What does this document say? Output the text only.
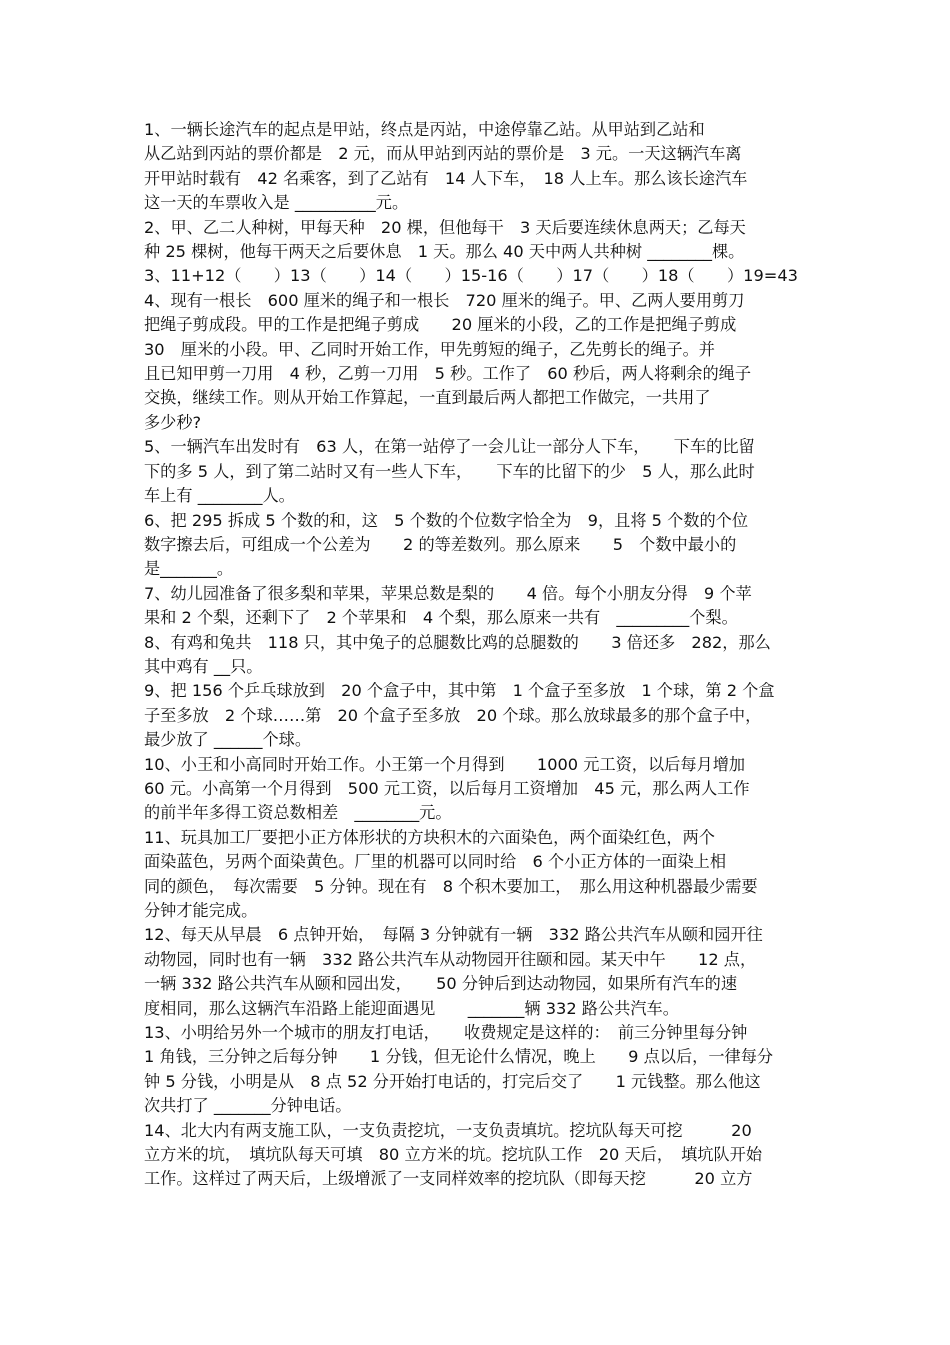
1、一辆长途汽车的起点是甲站，终点是丙站，中途停靠乙站。从甲站到乙站和
从乙站到丙站的票价都是　2 元，而从甲站到丙站的票价是　3 元。一天这辆汽车离
开甲站时载有　42 名乘客，到了乙站有　14 人下车，　18 人上车。那么该长途汽车
这一天的车票收入是 __________元。
2、甲、乙二人种树，甲每天种　20 棵，但他每干　3 天后要连续休息两天；乙每天
种 25 棵树，他每干两天之后要休息　1 天。那么 40 天中两人共种树 ________棵。
3、11+12（　　）13（　　）14（　　）15-16（　　）17（　　）18（　　）19=43
4、现有一根长　600 厘米的绳子和一根长　720 厘米的绳子。甲、乙两人要用剪刀
把绳子剪成段。甲的工作是把绳子剪成　　20 厘米的小段，乙的工作是把绳子剪成
30　厘米的小段。甲、乙同时开始工作，甲先剪短的绳子，乙先剪长的绳子。并
且已知甲剪一刀用　4 秒，乙剪一刀用　5 秒。工作了　60 秒后，两人将剩余的绳子
交换，继续工作。则从开始工作算起，一直到最后两人都把工作做完，一共用了
多少秒?
5、一辆汽车出发时有　63 人，在第一站停了一会儿让一部分人下车，　　下车的比留
下的多 5 人，到了第二站时又有一些人下车，　　下车的比留下的少　5 人，那么此时
车上有 ________人。
6、把 295 拆成 5 个数的和，这　5 个数的个位数字恰全为　9，且将 5 个数的个位
数字擦去后，可组成一个公差为　　2 的等差数列。那么原来　　5　个数中最小的
是_______。
7、幼儿园准备了很多梨和苹果，苹果总数是梨的　　4 倍。每个小朋友分得　9 个苹
果和 2 个梨，还剩下了　2 个苹果和　4 个梨，那么原来一共有　_________个梨。
8、有鸡和兔共　118 只，其中兔子的总腿数比鸡的总腿数的　　3 倍还多　282，那么
其中鸡有 __只。
9、把 156 个乒乓球放到　20 个盒子中，其中第　1 个盒子至多放　1 个球，第 2 个盒
子至多放　2 个球……第　20 个盒子至多放　20 个球。那么放球最多的那个盒子中，
最少放了 ______个球。
10、小王和小高同时开始工作。小王第一个月得到　　1000 元工资，以后每月增加
60 元。小高第一个月得到　500 元工资，以后每月工资增加　45 元，那么两人工作
的前半年多得工资总数相差　________元。
11、玩具加工厂要把小正方体形状的方块积木的六面染色，两个面染红色，两个
面染蓝色，另两个面染黄色。厂里的机器可以同时给　6 个小正方体的一面染上相
同的颜色，　每次需要　5 分钟。现在有　8 个积木要加工，　那么用这种机器最少需要
分钟才能完成。
12、每天从早晨　6 点钟开始，　每隔 3 分钟就有一辆　332 路公共汽车从颐和园开往
动物园，同时也有一辆　332 路公共汽车从动物园开往颐和园。某天中午　　12 点，
一辆 332 路公共汽车从颐和园出发，　　50 分钟后到达动物园，如果所有汽车的速
度相同，那么这辆汽车沿路上能迎面遇见　　_______辆 332 路公共汽车。
13、小明给另外一个城市的朋友打电话，　　收费规定是这样的：　前三分钟里每分钟
1 角钱，三分钟之后每分钟　　1 分钱，但无论什么情况，晚上　　9 点以后，一律每分
钟 5 分钱，小明是从　8 点 52 分开始打电话的，打完后交了　　1 元钱整。那么他这
次共打了 _______分钟电话。
14、北大内有两支施工队，一支负责挖坑，一支负责填坑。挖坑队每天可挖　　　20
立方米的坑，　填坑队每天可填　80 立方米的坑。挖坑队工作　20 天后，　填坑队开始
工作。这样过了两天后，上级增派了一支同样效率的挖坑队（即每天挖　　　20 立方
